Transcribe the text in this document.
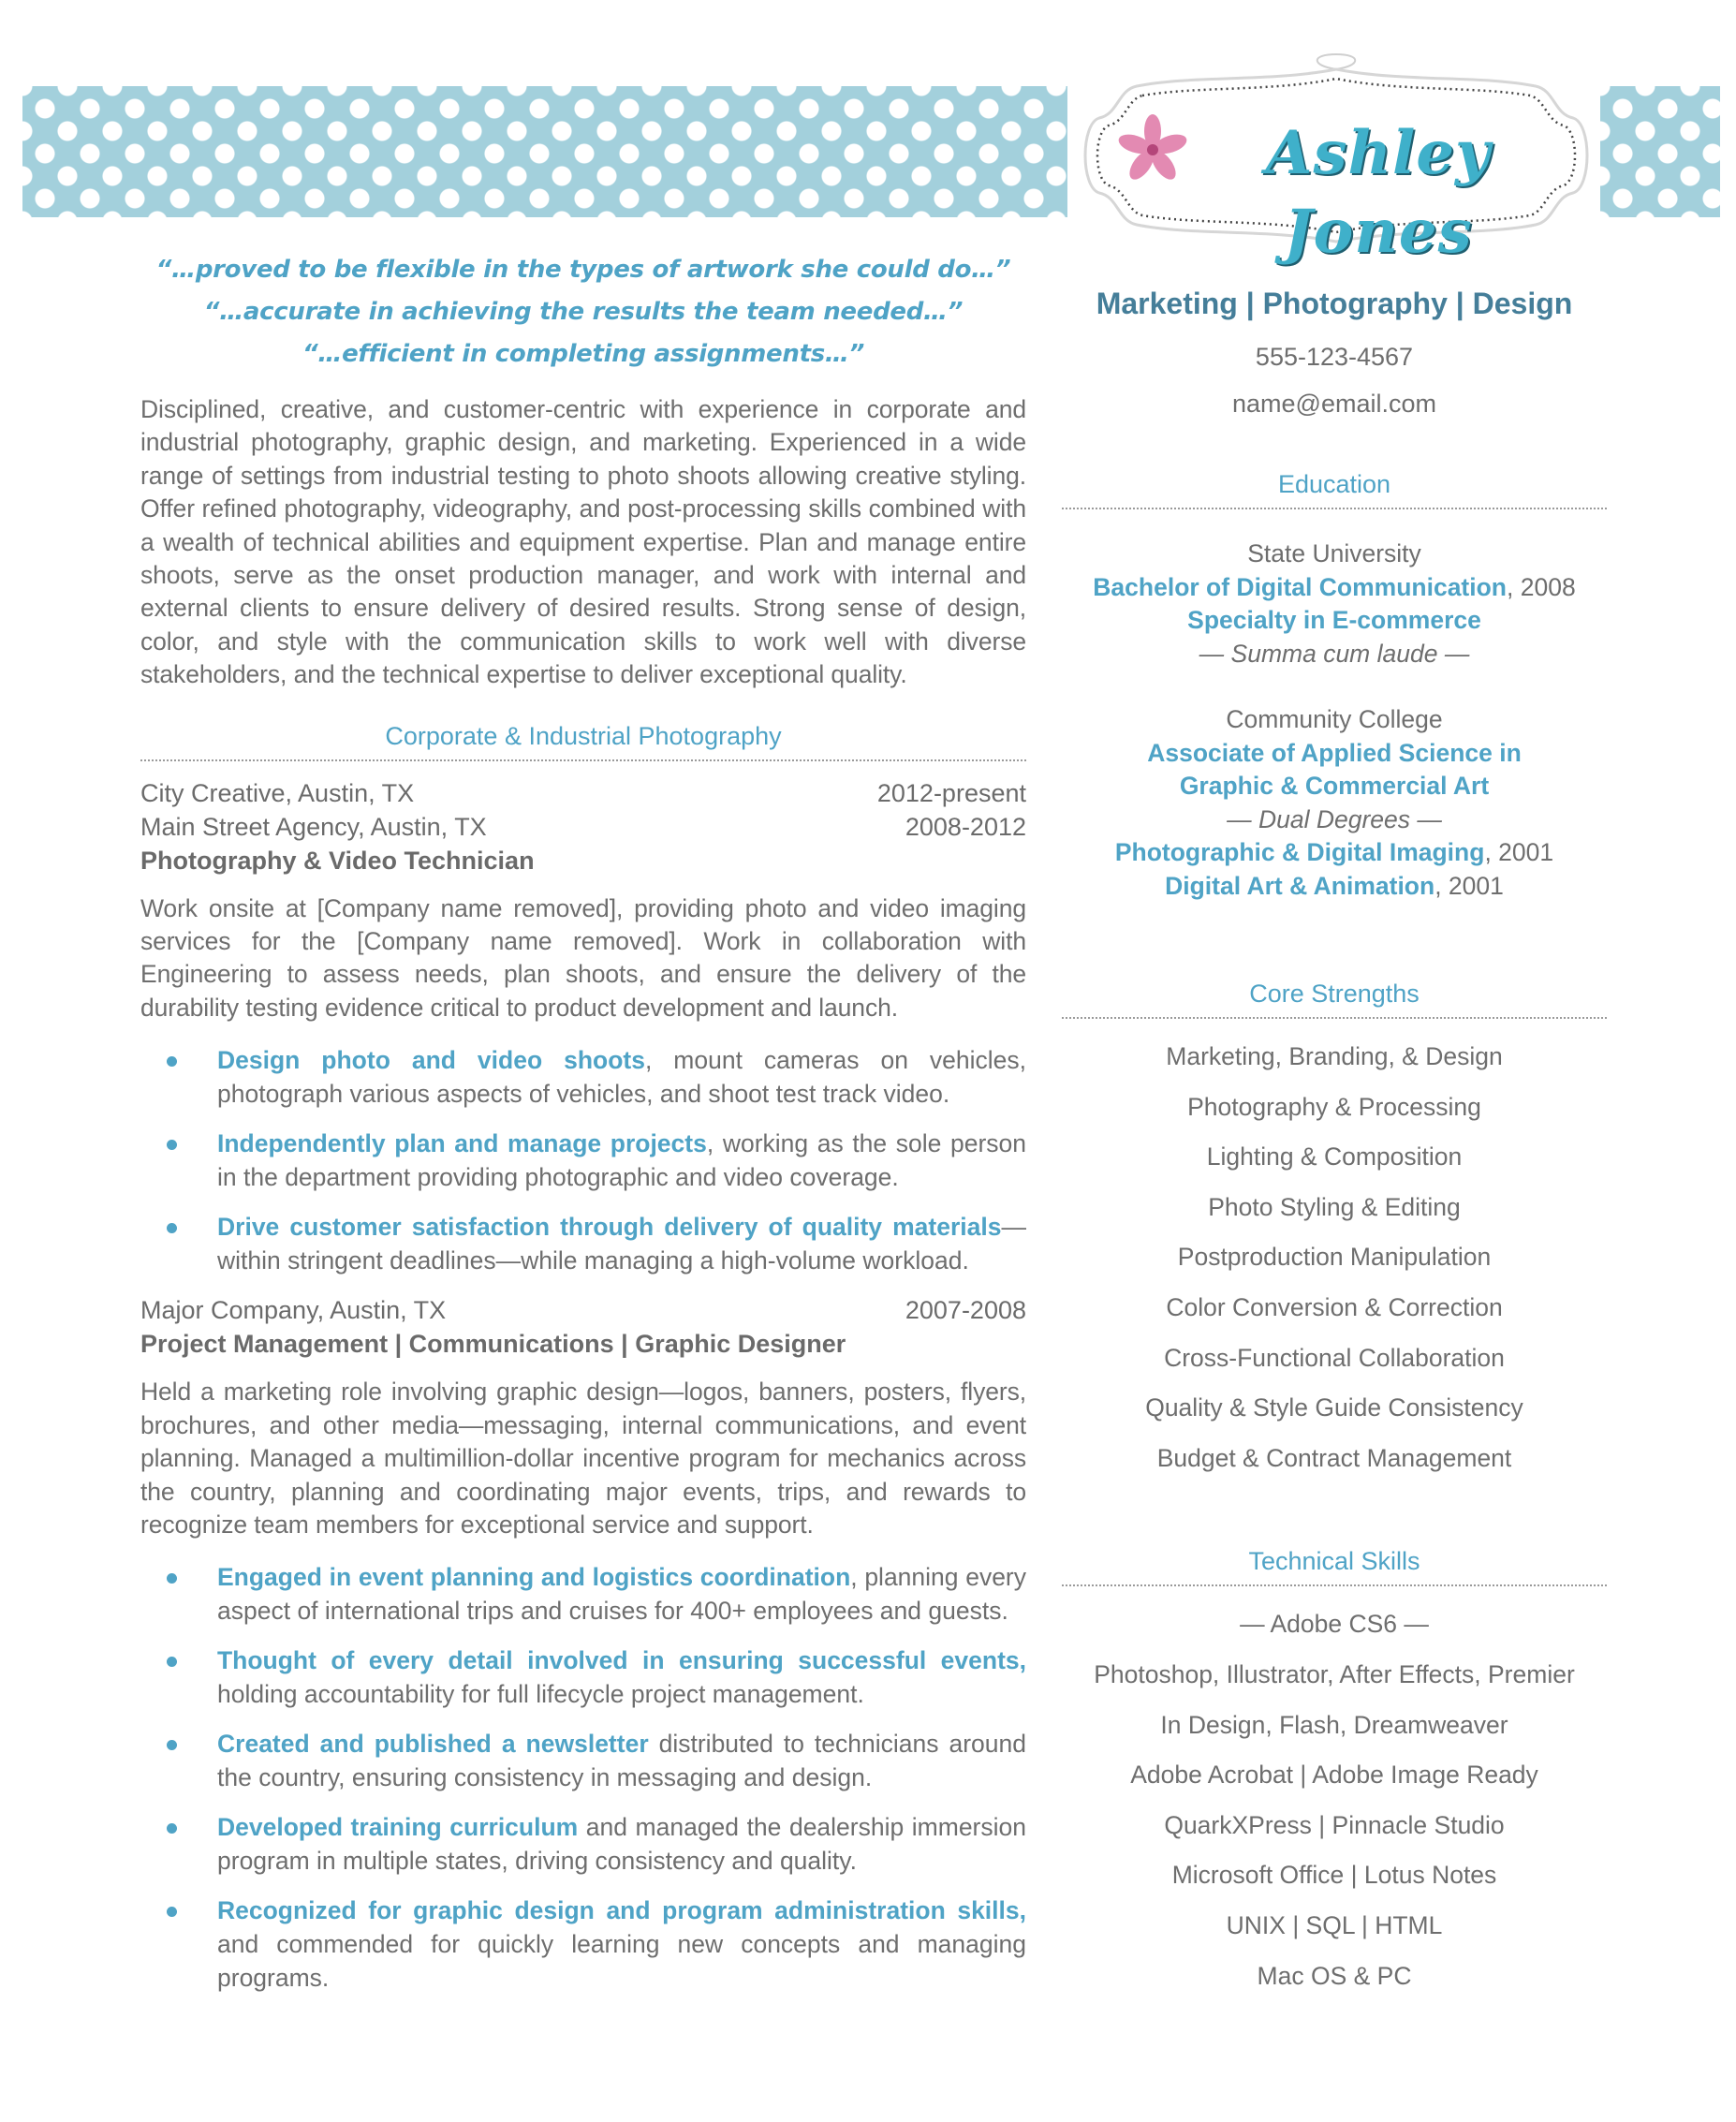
Ashley Jones
“…proved to be flexible in the types of artwork she could do…”
“…accurate in achieving the results the team needed…”
“…efficient in completing assignments…”

Disciplined, creative, and customer-centric with experience in corporate and industrial photography, graphic design, and marketing. Experienced in a wide range of settings from industrial testing to photo shoots allowing creative styling. Offer refined photography, videography, and post-processing skills combined with a wealth of technical abilities and equipment expertise. Plan and manage entire shoots, serve as the onset production manager, and work with internal and external clients to ensure delivery of desired results. Strong sense of design, color, and style with the communication skills to work well with diverse stakeholders, and the technical expertise to deliver exceptional quality.

Corporate & Industrial Photography
City Creative, Austin, TX	2012-present
Main Street Agency, Austin, TX	2008-2012
Photography & Video Technician

Work onsite at [Company name removed], providing photo and video imaging services for the [Company name removed]. Work in collaboration with Engineering to assess needs, plan shoots, and ensure the delivery of the durability testing evidence critical to product development and launch.

Design photo and video shoots, mount cameras on vehicles, photograph various aspects of vehicles, and shoot test track video.
Independently plan and manage projects, working as the sole person in the department providing photographic and video coverage.
Drive customer satisfaction through delivery of quality materials—within stringent deadlines—while managing a high-volume workload.
Major Company, Austin, TX	2007-2008
Project Management | Communications | Graphic Designer

Held a marketing role involving graphic design—logos, banners, posters, flyers, brochures, and other media—messaging, internal communications, and event planning. Managed a multimillion-dollar incentive program for mechanics across the country, planning and coordinating major events, trips, and rewards to recognize team members for exceptional service and support.

Engaged in event planning and logistics coordination, planning every aspect of international trips and cruises for 400+ employees and guests.
Thought of every detail involved in ensuring successful events, holding accountability for full lifecycle project management.
Created and published a newsletter distributed to technicians around the country, ensuring consistency in messaging and design.
Developed training curriculum and managed the dealership immersion program in multiple states, driving consistency and quality.
Recognized for graphic design and program administration skills, and commended for quickly learning new concepts and managing programs.
Marketing | Photography | Design
555-123-4567
name@email.com
Education
State University
Bachelor of Digital Communication, 2008
Specialty in E-commerce
— Summa cum laude —
Community College
Associate of Applied Science in
Graphic & Commercial Art
— Dual Degrees —
Photographic & Digital Imaging, 2001
Digital Art & Animation, 2001
Core Strengths
Marketing, Branding, & Design
Photography & Processing
Lighting & Composition
Photo Styling & Editing
Postproduction Manipulation
Color Conversion & Correction
Cross-Functional Collaboration
Quality & Style Guide Consistency
Budget & Contract Management
Technical Skills
— Adobe CS6 —
Photoshop, Illustrator, After Effects, Premier
In Design, Flash, Dreamweaver
Adobe Acrobat | Adobe Image Ready
QuarkXPress | Pinnacle Studio
Microsoft Office | Lotus Notes
UNIX | SQL | HTML
Mac OS & PC
